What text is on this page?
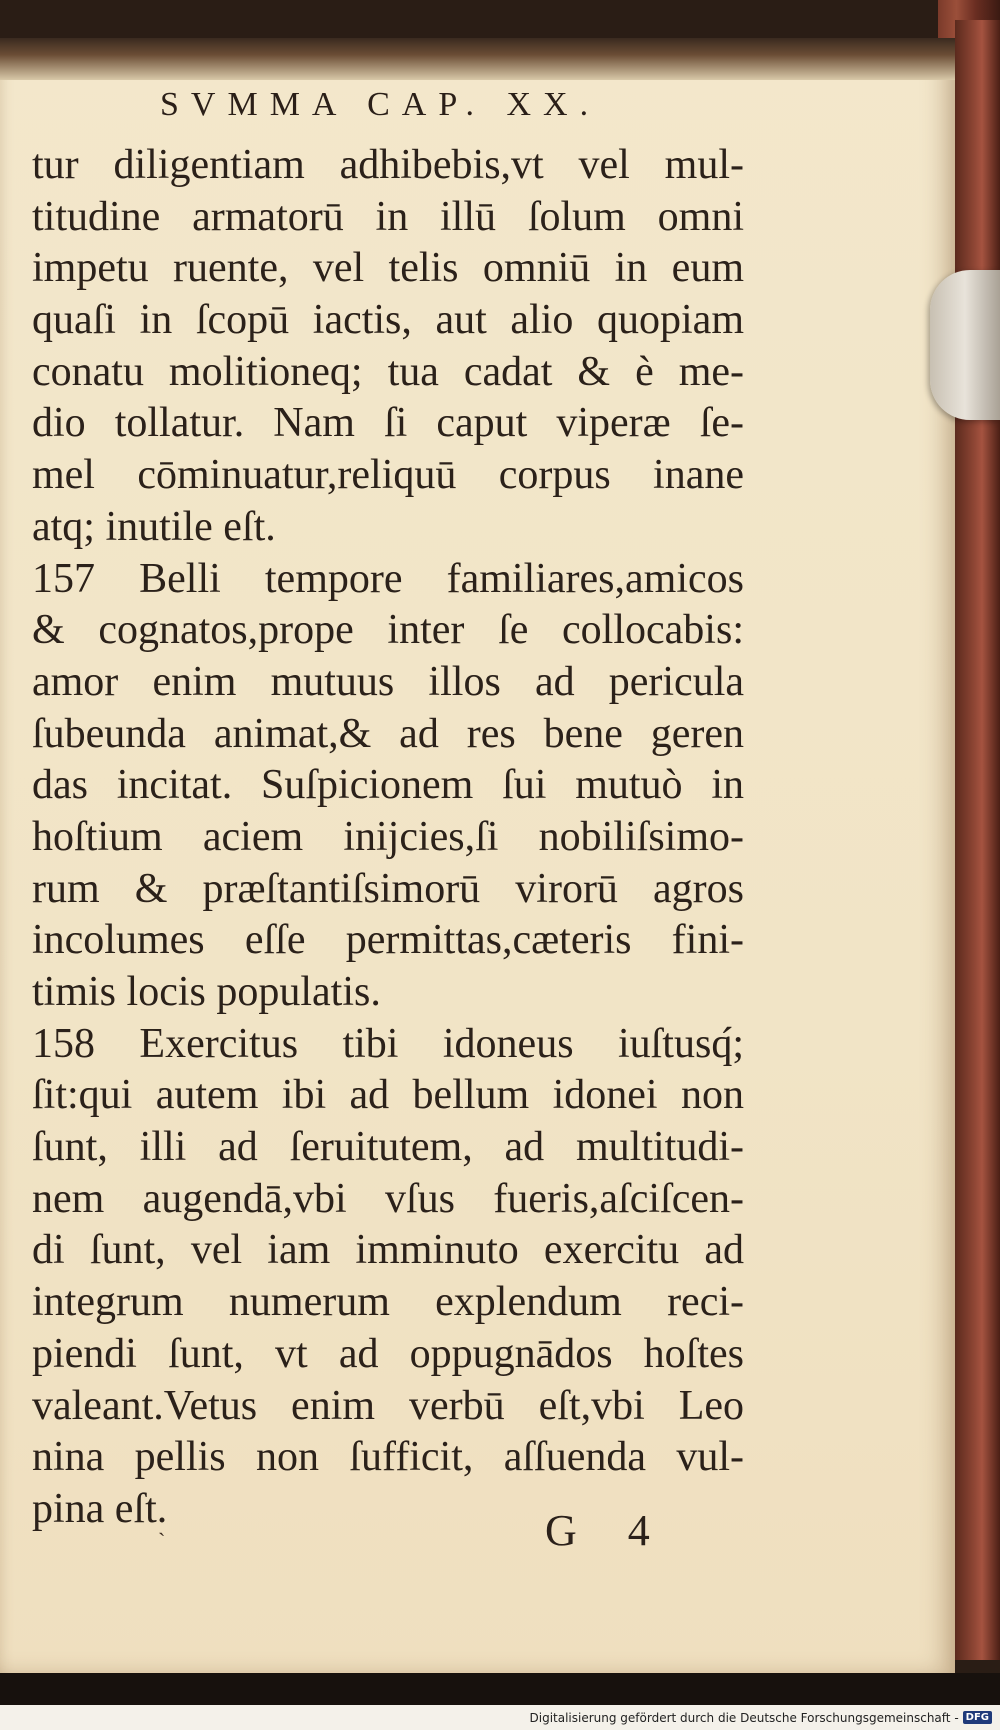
SVMMA CAP. XX.
tur diligentiam adhibebis,vt vel mul-
titudine armatorū in illū ſolum omni
impetu ruente, vel telis omniū in eum
quaſi in ſcopū iactis, aut alio quopiam
conatu molitioneq; tua cadat & è me-
dio tollatur. Nam ſi caput viperæ ſe-
mel cōminuatur,reliquū corpus inane
atq; inutile eſt.
157 Belli tempore familiares,amicos
& cognatos,prope inter ſe collocabis:
amor enim mutuus illos ad pericula
ſubeunda animat,& ad res bene geren
das incitat. Suſpicionem ſui mutuò in
hoſtium aciem inijcies,ſi nobiliſsimo-
rum & præſtantiſsimorū virorū agros
incolumes eſſe permittas,cæteris fini-
timis locis populatis.
158 Exercitus tibi idoneus iuſtusq́;
ſit:qui autem ibi ad bellum idonei non
ſunt, illi ad ſeruitutem, ad multitudi-
nem augendā,vbi vſus fueris,aſciſcen-
di ſunt, vel iam imminuto exercitu ad
integrum numerum explendum reci-
piendi ſunt, vt ad oppugnādos hoſtes
valeant.Vetus enim verbū eſt,vbi Leo
nina pellis non ſufficit, aſſuenda vul-
pina eſt.
`	G 4
Digitalisierung gefördert durch die Deutsche Forschungsgemeinschaft - DFG
